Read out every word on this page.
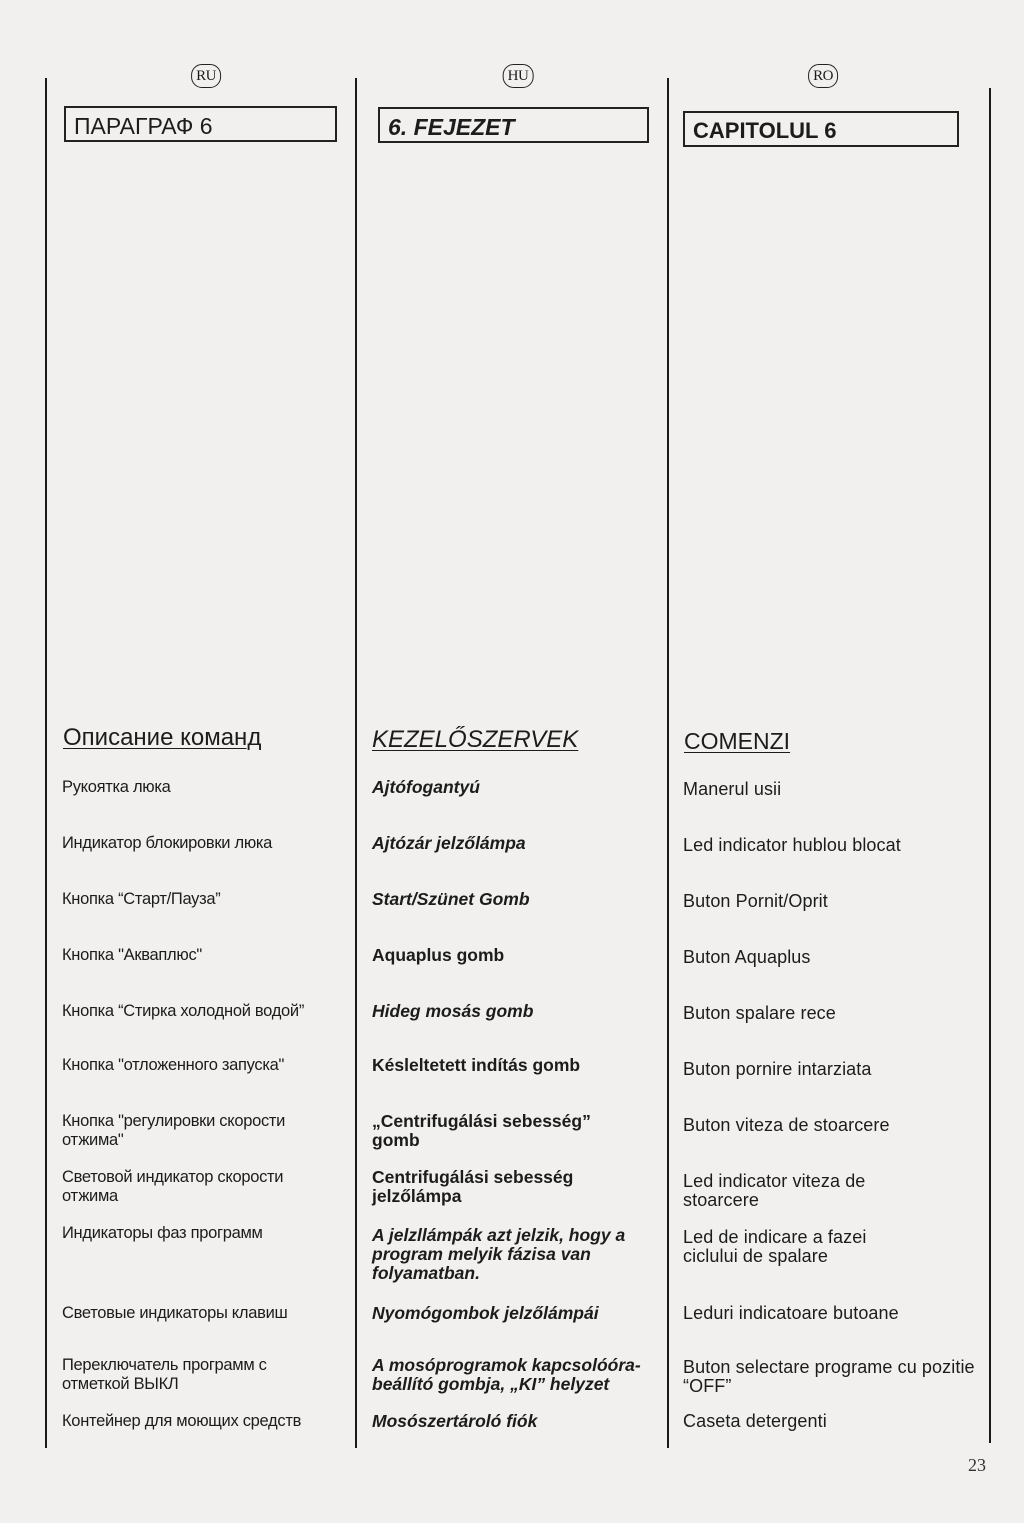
RU
ПАРАГРАФ 6
Описание команд
Рукоятка люка
Индикатор блокировки люка
Кнопка “Старт/Пауза”
Кнопка "Акваплюс"
Кнопка “Стирка холодной водой”
Кнопка "отложенного запуска"
Кнопка "регулировки скорости отжима"
Световой индикатор скорости отжима
Индикаторы фаз программ
Световые индикаторы клавиш
Переключатель программ с отметкой ВЫКЛ
Контейнер для моющих средств
HU
6. FEJEZET
KEZELŐSZERVEK
Ajtófogantyú
Ajtózár jelzőlámpa
Start/Szünet Gomb
Aquaplus gomb
Hideg mosás gomb
Késleltetett indítás gomb
„Centrifugálási sebesség” gomb
Centrifugálási sebesség jelzőlámpa
A jelzllámpák azt jelzik, hogy a program melyik fázisa van folyamatban.
Nyomógombok jelzőlámpái
A mosóprogramok kapcsolóóra-beállító gombja, „KI” helyzet
Mosószertároló fiók
RO
CAPITOLUL 6
COMENZI
Manerul usii
Led indicator hublou blocat
Buton Pornit/Oprit
Buton Aquaplus
Buton spalare rece
Buton pornire intarziata
Buton viteza de stoarcere
Led indicator viteza de stoarcere
Led de indicare a fazei ciclului de spalare
Leduri indicatoare butoane
Buton selectare programe cu pozitie “OFF”
Caseta detergenti
23
